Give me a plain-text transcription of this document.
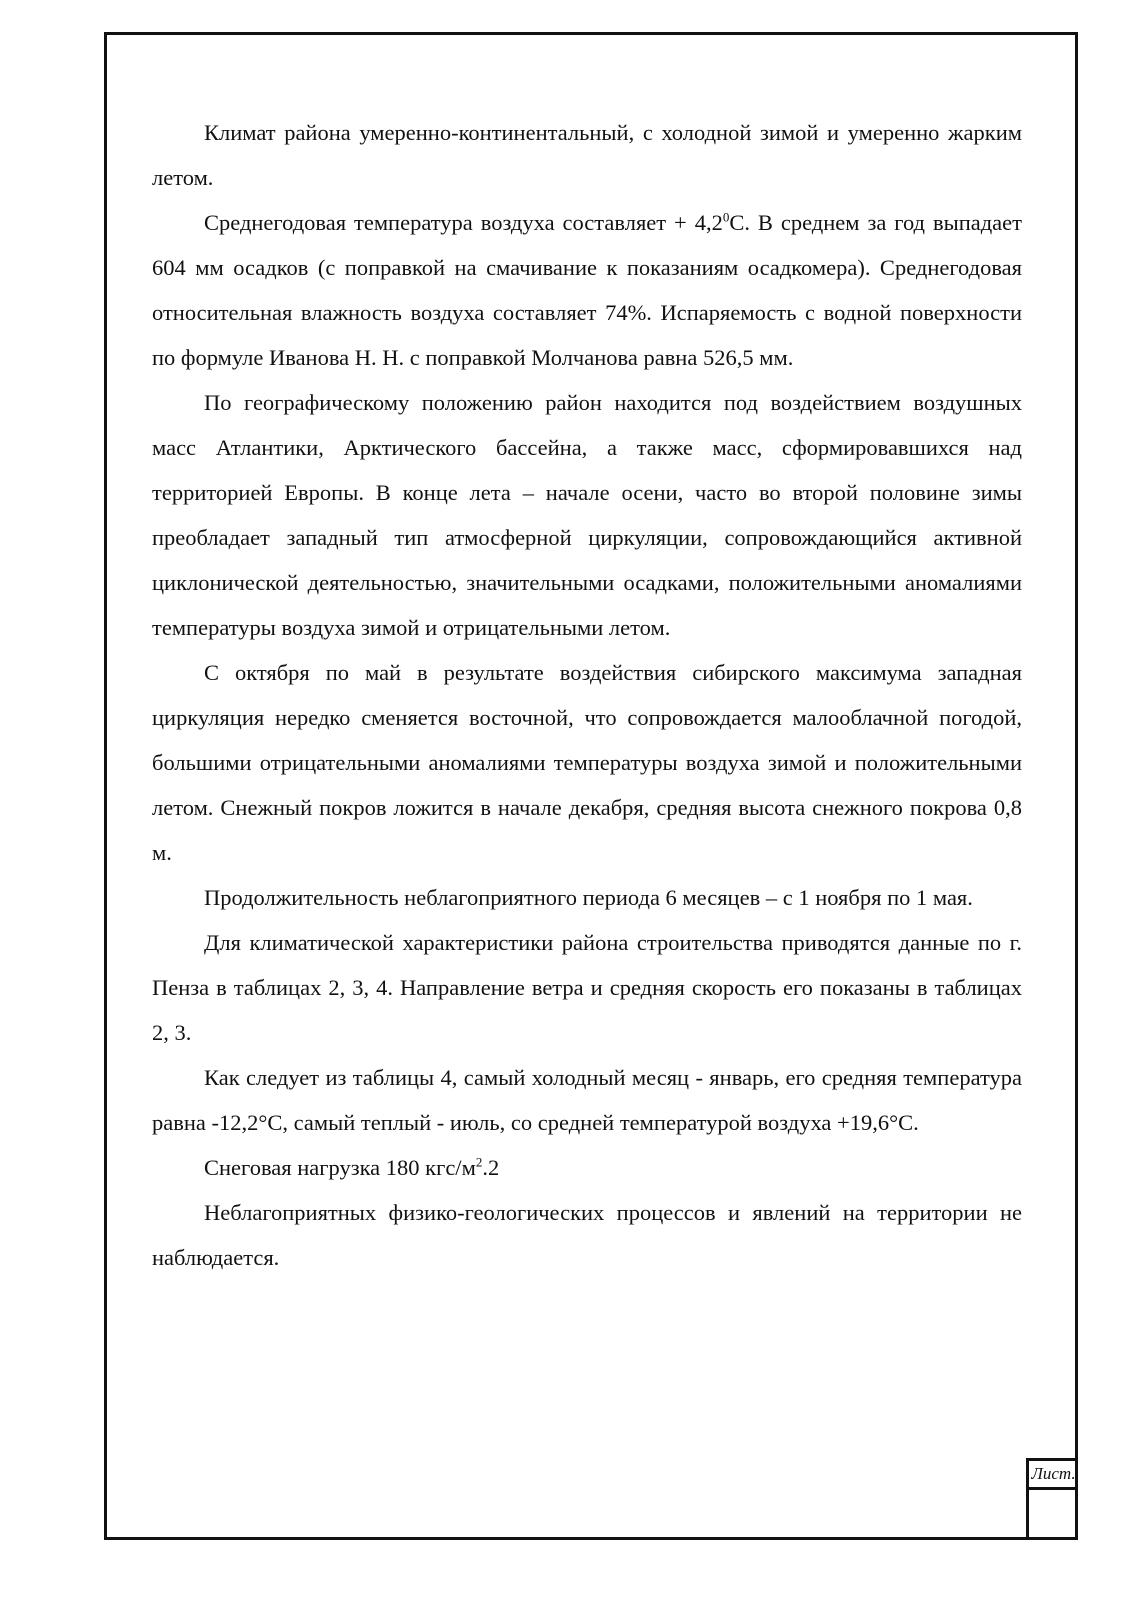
Климат района умеренно-континентальный, с холодной зимой и умеренно жарким летом.

Среднегодовая температура воздуха составляет + $4,2^0С$. В среднем за год выпадает 604 мм осадков (с поправкой на смачивание к показаниям осадкомера). Среднегодовая относительная влажность воздуха составляет 74%. Испаряемость с водной поверхности по формуле Иванова Н. Н. с поправкой Молчанова равна 526,5 мм.

По географическому положению район находится под воздействием воздушных масс Атлантики, Арктического бассейна, а также масс, сформировавшихся над территорией Европы. В конце лета – начале осени, часто во второй половине зимы преобладает западный тип атмосферной циркуляции, сопровождающийся активной циклонической деятельностью, значительными осадками, положительными аномалиями температуры воздуха зимой и отрицательными летом.

С октября по май в результате воздействия сибирского максимума западная циркуляция нередко сменяется восточной, что сопровождается малооблачной погодой, большими отрицательными аномалиями температуры воздуха зимой и положительными летом. Снежный покров ложится в начале декабря, средняя высота снежного покрова 0,8 м.

Продолжительность неблагоприятного периода 6 месяцев – с 1 ноября по 1 мая.

Для климатической характеристики района строительства приводятся данные по г. Пенза в таблицах 2, 3, 4. Направление ветра и средняя скорость его показаны в таблицах 2, 3.

Как следует из таблицы 4, самый холодный месяц - январь, его средняя температура равна -12,2°С, самый теплый - июль, со средней температурой воздуха +19,6°С.

Снеговая нагрузка 180 кгс/$м^2.2$

Неблагоприятных физико-геологических процессов и явлений на территории не наблюдается.

Лист.
